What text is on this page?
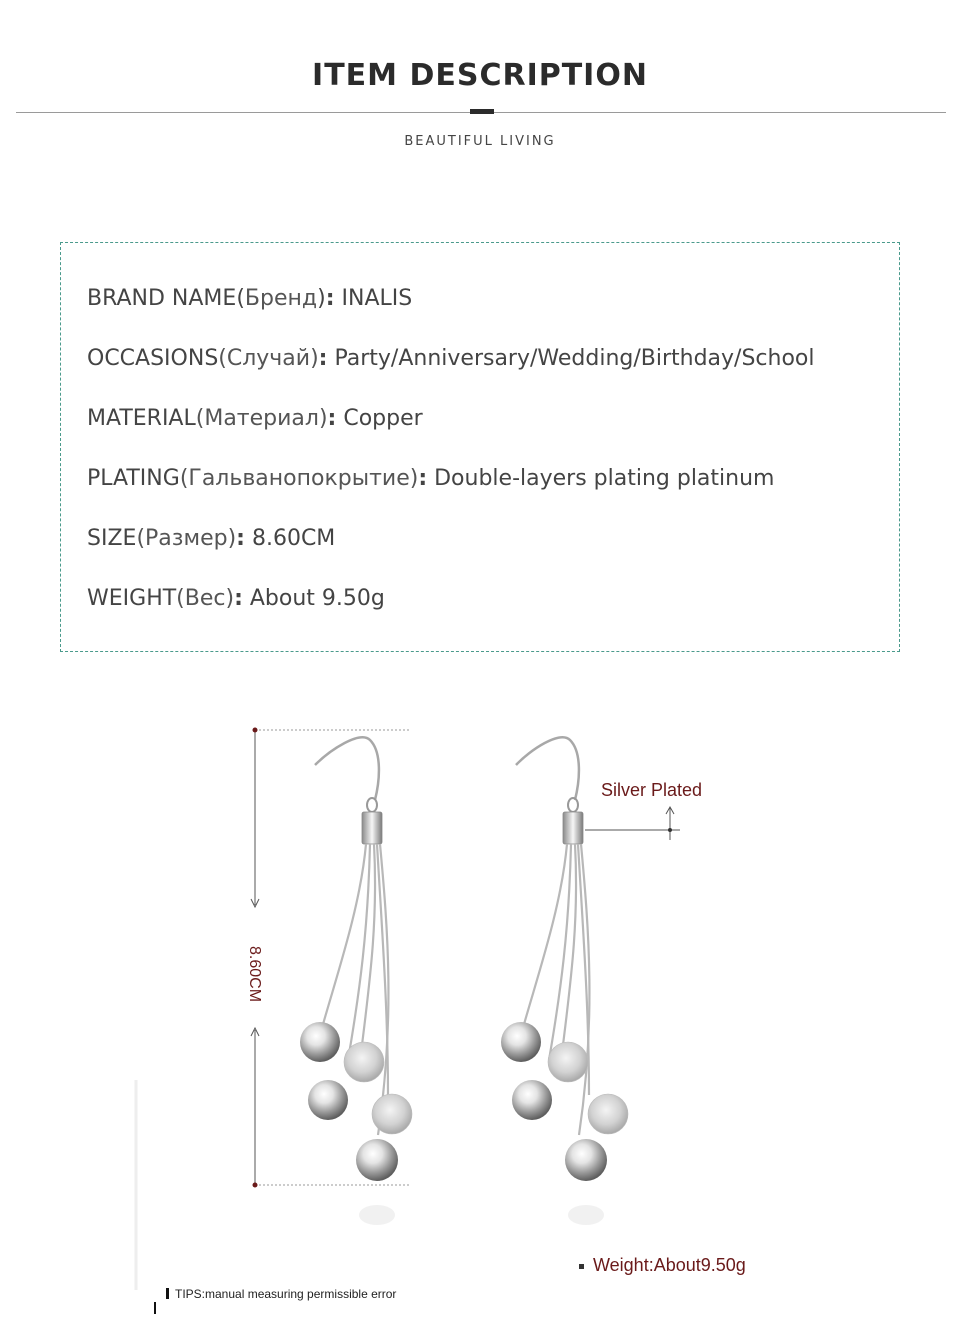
ITEM DESCRIPTION
BEAUTIFUL LIVING
BRAND NAME(Бренд): INALIS
OCCASIONS(Случай): Party/Anniversary/Wedding/Birthday/School
MATERIAL(Материал): Copper
PLATING(Гальванопокрытие): Double-layers plating platinum
SIZE(Размер): 8.60CM
WEIGHT(Вес): About 9.50g
Silver Plated
8.60CM
Weight:About9.50g
TIPS:manual measuring permissible error
